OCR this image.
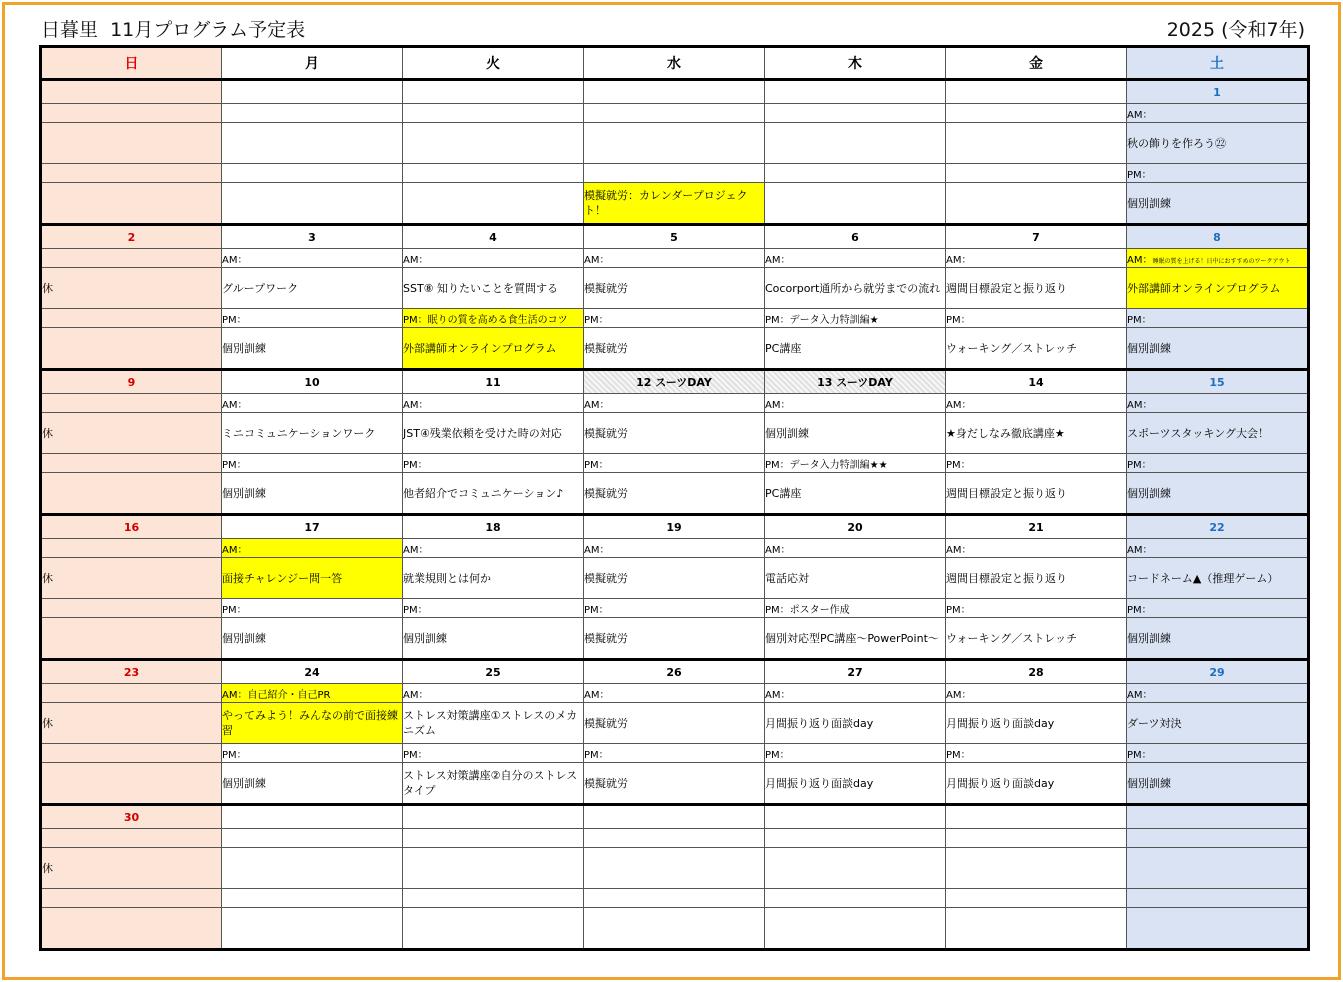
日暮里  11月プログラム予定表	2025 (令和7年)
日	月	火	水	木	金	土
						1
						AM：
						秋の飾りを作ろう㉒
						PM：
			模擬就労：カレンダープロジェクト！			個別訓練
2	3	4	5	6	7	8
	AM：	AM：	AM：	AM：	AM：	AM：睡眠の質を上げる！日中におすすめのワークアウト
休	グループワーク	SST⑧ 知りたいことを質問する	模擬就労	Cocorport通所から就労までの流れ	週間目標設定と振り返り	外部講師オンラインプログラム
	PM：	PM：眠りの質を高める食生活のコツ	PM：	PM：データ入力特訓編★	PM：	PM：
	個別訓練	外部講師オンラインプログラム	模擬就労	PC講座	ウォーキング／ストレッチ	個別訓練
9	10	11	12 スーツDAY	13 スーツDAY	14	15
	AM：	AM：	AM：	AM：	AM：	AM：
休	ミニコミュニケーションワーク	JST④残業依頼を受けた時の対応	模擬就労	個別訓練	★身だしなみ徹底講座★	スポーツスタッキング大会！
	PM：	PM：	PM：	PM：データ入力特訓編★★	PM：	PM：
	個別訓練	他者紹介でコミュニケーション♪	模擬就労	PC講座	週間目標設定と振り返り	個別訓練
16	17	18	19	20	21	22
	AM：	AM：	AM：	AM：	AM：	AM：
休	面接チャレンジー問一答	就業規則とは何か	模擬就労	電話応対	週間目標設定と振り返り	コードネーム▲（推理ゲーム）
	PM：	PM：	PM：	PM：ポスター作成	PM：	PM：
	個別訓練	個別訓練	模擬就労	個別対応型PC講座～PowerPoint～	ウォーキング／ストレッチ	個別訓練
23	24	25	26	27	28	29
	AM：自己紹介・自己PR	AM：	AM：	AM：	AM：	AM：
休	やってみよう！みんなの前で面接練習	ストレス対策講座①ストレスのメカニズム	模擬就労	月間振り返り面談day	月間振り返り面談day	ダーツ対決
	PM：	PM：	PM：	PM：	PM：	PM：
	個別訓練	ストレス対策講座②自分のストレスタイプ	模擬就労	月間振り返り面談day	月間振り返り面談day	個別訓練
30						

休						
